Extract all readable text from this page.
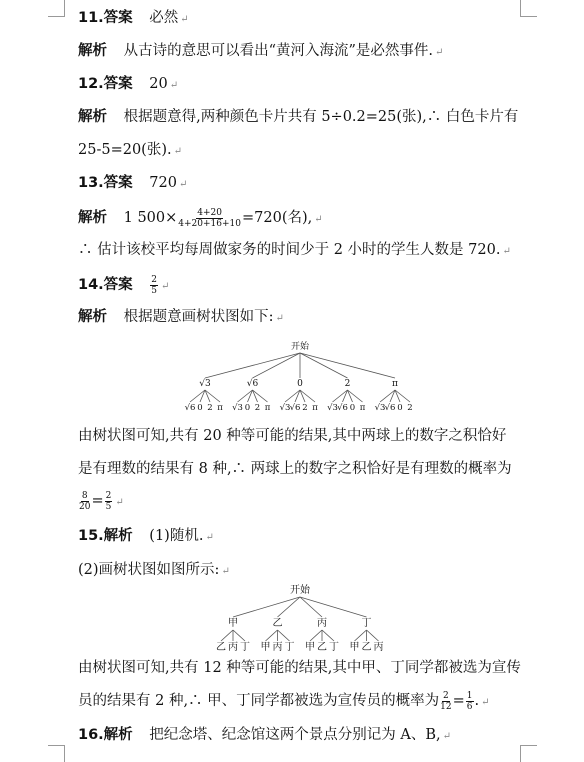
11.答案 必然 ↵
解析 从古诗的意思可以看出“黄河入海流”是必然事件. ↵
12.答案 20 ↵
解析 根据题意得,两种颜色卡片共有 5÷0.2=25(张),∴ 白色卡片有
25-5=20(张). ↵
13.答案 720 ↵
解析 1 $500\times \frac{4+20}{4+20+16+10} =720$(名), ↵
∴ 估计该校平均每周做家务的时间少于 2 小时的学生人数是 720. ↵
14.答案 $\frac{2}{5}$ ↵
解析 根据题意画树状图如下: ↵
开始
√3
√6 0 2 π
√6
√3 0 2 π
0
√3 √6 2 π
2
√3 √6 0 π
π
√3 √6 0 2
由树状图可知,共有 20 种等可能的结果,其中两球上的数字之积恰好
是有理数的结果有 8 种,∴ 两球上的数字之积恰好是有理数的概率为
$\frac{8}{20} = \frac{2}{5}$ ↵
15.解析 (1)随机. ↵
(2)画树状图如图所示: ↵
开始
甲
乙 丙 丁
乙
甲 丙 丁
丙
甲 乙 丁
丁
甲 乙 丙
由树状图可知,共有 12 种等可能的结果,其中甲、丁同学都被选为宣传
员的结果有 2 种,∴ 甲、丁同学都被选为宣传员的概率为 $\frac{2}{12} = \frac{1}{6}$ . ↵
16.解析 把纪念塔、纪念馆这两个景点分别记为 A、B, ↵
